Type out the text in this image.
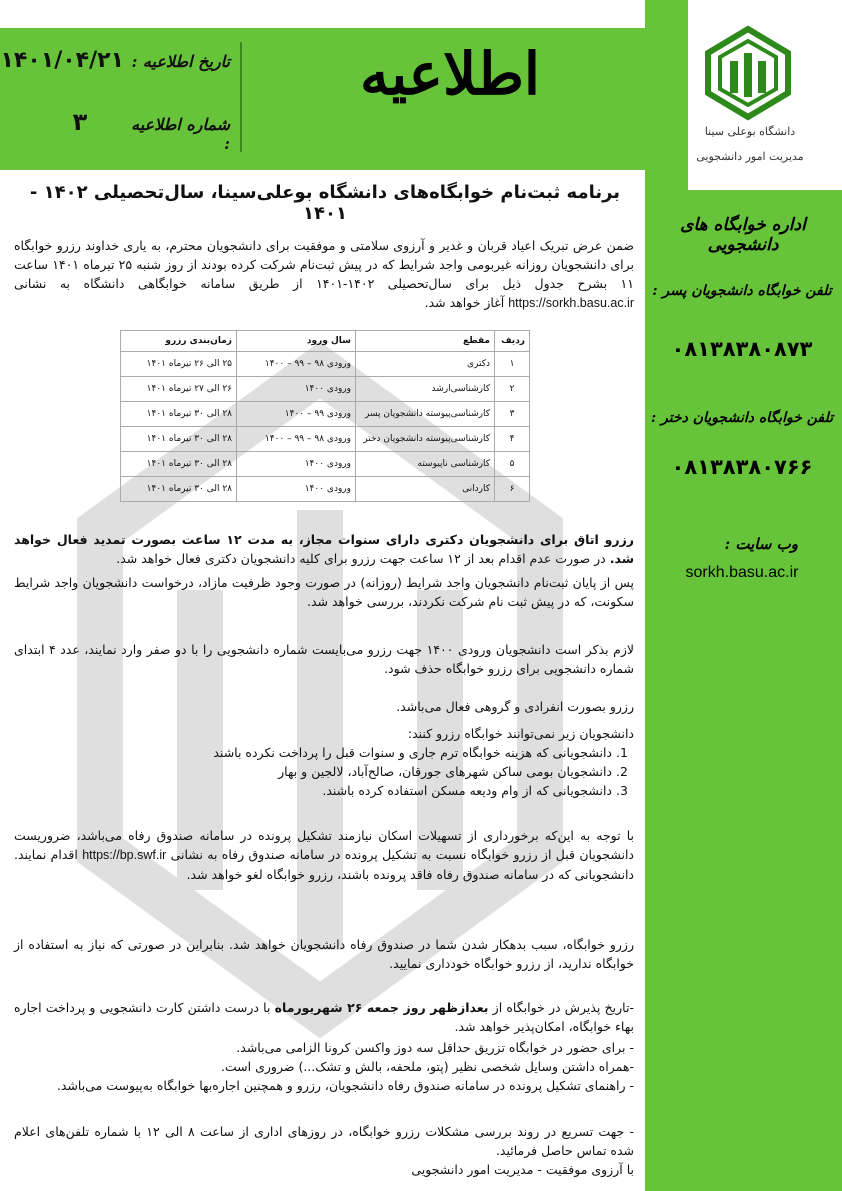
اطلاعیه
تاریخ اطلاعیه :
۱۴۰۱/۰۴/۲۱
شماره اطلاعیه :
۳	دانشگاه بوعلی سینا
مدیریت امور دانشجویی
اداره خوابگاه های دانشجویی
تلفن خوابگاه دانشجویان پسر :
۰۸۱۳۸۳۸۰۸۷۳
تلفن خوابگاه دانشجویان دختر :
۰۸۱۳۸۳۸۰۷۶۶
وب سایت :
sorkh.basu.ac.ir
برنامه ثبت‌نام خوابگاه‌های دانشگاه بوعلی‌سینا، سال‌تحصیلی ۱۴۰۲ - ۱۴۰۱
ضمن عرض تبریک اعیاد قربان و غدیر و آرزوی سلامتی و موفقیت برای دانشجویان محترم، به یاری خداوند رزرو خوابگاه برای دانشجویان روزانه غیربومی واجد شرایط که در پیش ثبت‌نام شرکت کرده بودند از روز شنبه ۲۵ تیرماه ۱۴۰۱ ساعت ۱۱ بشرح جدول ذیل برای سال‌تحصیلی ۱۴۰۲-۱۴۰۱ از طریق سامانه خوابگاهی دانشگاه به نشانی https://sorkh.basu.ac.ir آغاز خواهد شد.
ردیف	مقطع	سال ورود	زمان‌بندی رزرو
۱	دکتری	ورودی ۹۸ – ۹۹ – ۱۴۰۰	۲۵ الی ۲۶ تیرماه ۱۴۰۱
۲	کارشناسی‌ارشد	ورودی ۱۴۰۰	۲۶ الی ۲۷ تیرماه ۱۴۰۱
۳	کارشناسی‌پیوسته دانشجویان پسر	ورودی ۹۹ – ۱۴۰۰	۲۸ الی ۳۰ تیرماه ۱۴۰۱
۴	کارشناسی‌پیوسته دانشجویان دختر	ورودی ۹۸ – ۹۹ – ۱۴۰۰	۲۸ الی ۳۰ تیرماه ۱۴۰۱
۵	کارشناسی ناپیوسته	ورودی ۱۴۰۰	۲۸ الی ۳۰ تیرماه ۱۴۰۱
۶	کاردانی	ورودی ۱۴۰۰	۲۸ الی ۳۰ تیرماه ۱۴۰۱
رزرو اتاق برای دانشجویان دکتری دارای سنوات مجاز، به مدت ۱۲ ساعت بصورت تمدید فعال خواهد شد. در صورت عدم اقدام بعد از ۱۲ ساعت جهت رزرو برای کلیه دانشجویان دکتری فعال خواهد شد.
پس از پایان ثبت‌نام دانشجویان واجد شرایط (روزانه) در صورت وجود ظرفیت مازاد، درخواست دانشجویان واجد شرایط سکونت، که در پیش ثبت نام شرکت نکردند، بررسی خواهد شد.
لازم بذکر است دانشجویان ورودی ۱۴۰۰ جهت رزرو می‌بایست شماره دانشجویی را با دو صفر وارد نمایند، عدد ۴ ابتدای شماره دانشجویی برای رزرو خوابگاه حذف شود.
رزرو بصورت انفرادی و گروهی فعال می‌باشد.
دانشجویان زیر نمی‌توانند خوابگاه رزرو کنند:
1. دانشجویانی که هزینه خوابگاه ترم جاری و سنوات قبل را پرداخت نکرده باشند
2. دانشجویان بومی ساکن شهرهای جورقان، صالح‌آباد، لالجین و بهار
3. دانشجویانی که از وام ودیعه مسکن استفاده کرده باشند.
با توجه به این‌که برخورداری از تسهیلات اسکان نیازمند تشکیل پرونده در سامانه صندوق رفاه می‌باشد، ضروریست دانشجویان قبل از رزرو خوابگاه نسبت به تشکیل پرونده در سامانه صندوق رفاه به نشانی https://bp.swf.ir اقدام نمایند. دانشجویانی که در سامانه صندوق رفاه فاقد پرونده باشند، رزرو خوابگاه لغو خواهد شد.
رزرو خوابگاه، سبب بدهکار شدن شما در صندوق رفاه دانشجویان خواهد شد. بنابراین در صورتی که نیاز به استفاده از خوابگاه ندارید، از رزرو خوابگاه خودداری نمایید.
-تاریخ پذیرش در خوابگاه از بعدازظهر روز جمعه ۲۶ شهریورماه با درست داشتن کارت دانشجویی و پرداخت اجاره بهاء خوابگاه، امکان‌پذیر خواهد شد.
- برای حضور در خوابگاه تزریق حداقل سه دوز واکسن کرونا الزامی می‌باشد.
-همراه داشتن وسایل شخصی نظیر (پتو، ملحفه، بالش و تشک...) ضروری است.
- راهنمای تشکیل پرونده در سامانه صندوق رفاه دانشجویان، رزرو و همچنین اجاره‌بها خوابگاه به‌پیوست می‌باشد.
- جهت تسریع در روند بررسی مشکلات رزرو خوابگاه، در روزهای اداری از ساعت ۸ الی ۱۲ با شماره تلفن‌های اعلام شده تماس حاصل فرمائید.
با آرزوی موفقیت - مدیریت امور دانشجویی
